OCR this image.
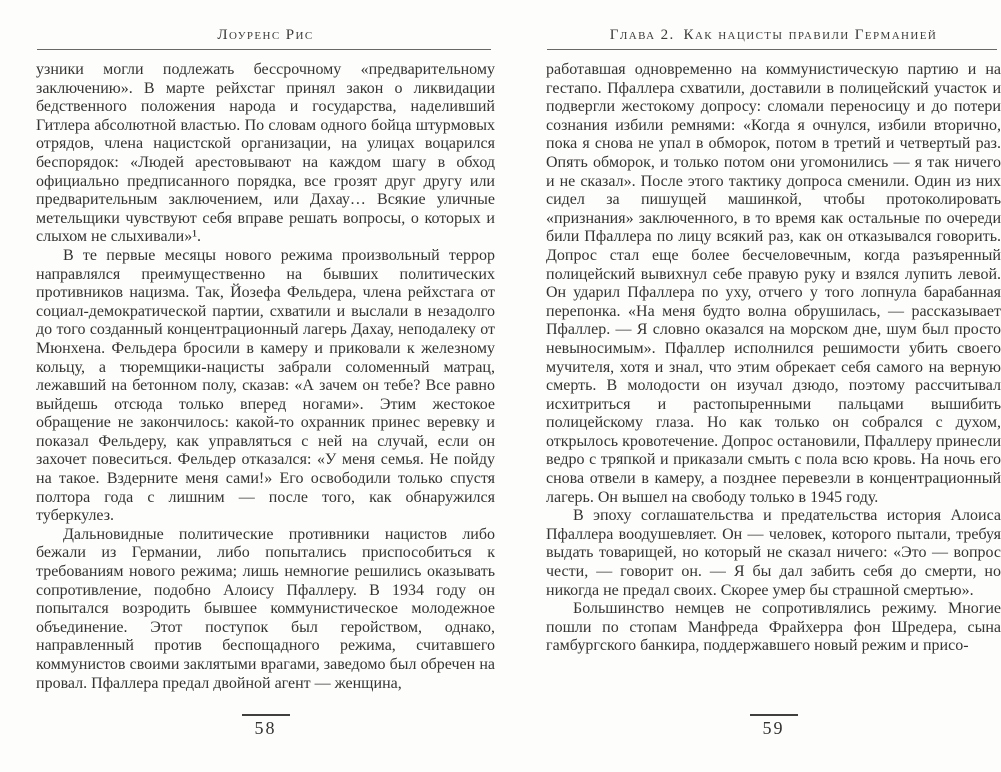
Лоуренс Рис

узники могли подлежать бессрочному «предварительному заключению». В марте рейхстаг принял закон о ликвидации бедственного положения народа и государства, наделивший Гитлера абсолютной властью. По словам одного бойца штурмовых отрядов, члена нацистской организации, на улицах воцарился беспорядок: «Людей арестовывают на каждом шагу в обход официально предписанного порядка, все грозят друг другу или предварительным заключением, или Дахау… Всякие уличные метельщики чувствуют себя вправе решать вопросы, о которых и слыхом не слыхивали»¹.

В те первые месяцы нового режима произвольный террор направлялся преимущественно на бывших политических противников нацизма. Так, Йозефа Фельдера, члена рейхстага от социал-демократической партии, схватили и выслали в незадолго до того созданный концентрационный лагерь Дахау, неподалеку от Мюнхена. Фельдера бросили в камеру и приковали к железному кольцу, а тюремщики-нацисты забрали соломенный матрац, лежавший на бетонном полу, сказав: «А зачем он тебе? Все равно выйдешь отсюда только вперед ногами». Этим жестокое обращение не закончилось: какой-то охранник принес веревку и показал Фельдеру, как управляться с ней на случай, если он захочет повеситься. Фельдер отказался: «У меня семья. Не пойду на такое. Вздерните меня сами!» Его освободили только спустя полтора года с лишним — после того, как обнаружился туберкулез.

Дальновидные политические противники нацистов либо бежали из Германии, либо попытались приспособиться к требованиям нового режима; лишь немногие решились оказывать сопротивление, подобно Алоису Пфаллеру. В 1934 году он попытался возродить бывшее коммунистическое молодежное объединение. Этот поступок был геройством, однако, направленный против беспощадного режима, считавшего коммунистов своими заклятыми врагами, заведомо был обречен на провал. Пфаллера предал двойной агент — женщина,

58
Глава 2. Как нацисты правили Германией

работавшая одновременно на коммунистическую партию и на гестапо. Пфаллера схватили, доставили в полицейский участок и подвергли жестокому допросу: сломали переносицу и до потери сознания избили ремнями: «Когда я очнулся, избили вторично, пока я снова не упал в обморок, потом в третий и четвертый раз. Опять обморок, и только потом они угомонились — я так ничего и не сказал». После этого тактику допроса сменили. Один из них сидел за пишущей машинкой, чтобы протоколировать «признания» заключенного, в то время как остальные по очереди били Пфаллера по лицу всякий раз, как он отказывался говорить. Допрос стал еще более бесчеловечным, когда разъяренный полицейский вывихнул себе правую руку и взялся лупить левой. Он ударил Пфаллера по уху, отчего у того лопнула барабанная перепонка. «На меня будто волна обрушилась, — рассказывает Пфаллер. — Я словно оказался на морском дне, шум был просто невыносимым». Пфаллер исполнился решимости убить своего мучителя, хотя и знал, что этим обрекает себя самого на верную смерть. В молодости он изучал дзюдо, поэтому рассчитывал исхитриться и растопыренными пальцами вышибить полицейскому глаза. Но как только он собрался с духом, открылось кровотечение. Допрос остановили, Пфаллеру принесли ведро с тряпкой и приказали смыть с пола всю кровь. На ночь его снова отвели в камеру, а позднее перевезли в концентрационный лагерь. Он вышел на свободу только в 1945 году.

В эпоху соглашательства и предательства история Алоиса Пфаллера воодушевляет. Он — человек, которого пытали, требуя выдать товарищей, но который не сказал ничего: «Это — вопрос чести, — говорит он. — Я бы дал забить себя до смерти, но никогда не предал своих. Скорее умер бы страшной смертью».

Большинство немцев не сопротивлялись режиму. Многие пошли по стопам Манфреда Фрайхерра фон Шредера, сына гамбургского банкира, поддержавшего новый режим и присо-

59
